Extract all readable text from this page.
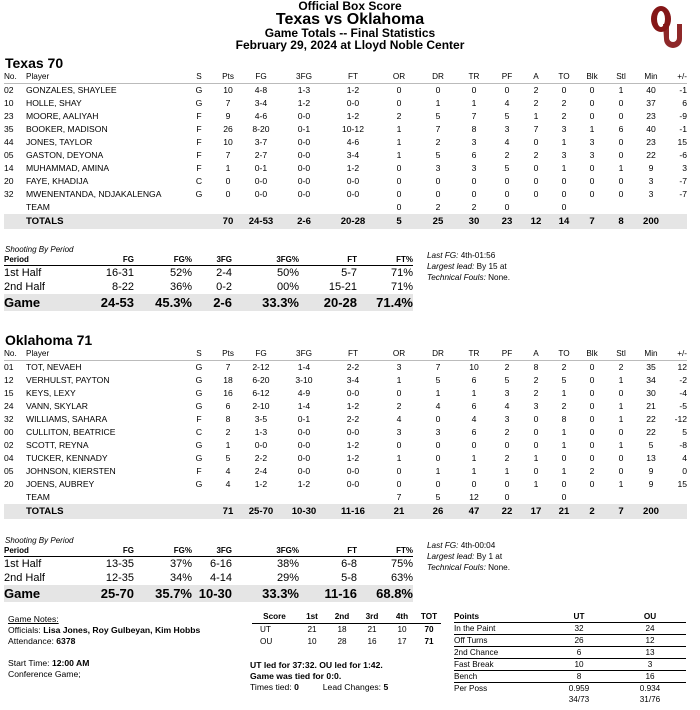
Official Box Score
Texas vs Oklahoma
Game Totals -- Final Statistics
February 29, 2024 at Lloyd Noble Center
Texas 70
No.	Player	S	Pts	FG	3FG	FT	OR	DR	TR	PF	A	TO	Blk	Stl	Min	+/-
02	GONZALES, SHAYLEE	G	10	4-8	1-3	1-2	0	0	0	0	2	0	0	1	40	-1
10	HOLLE, SHAY	G	7	3-4	1-2	0-0	0	1	1	4	2	2	0	0	37	6
23	MOORE, AALIYAH	F	9	4-6	0-0	1-2	2	5	7	5	1	2	0	0	23	-9
35	BOOKER, MADISON	F	26	8-20	0-1	10-12	1	7	8	3	7	3	1	6	40	-1
44	JONES, TAYLOR	F	10	3-7	0-0	4-6	1	2	3	4	0	1	3	0	23	15
05	GASTON, DEYONA	F	7	2-7	0-0	3-4	1	5	6	2	2	3	3	0	22	-6
14	MUHAMMAD, AMINA	F	1	0-1	0-0	1-2	0	3	3	5	0	1	0	1	9	3
20	FAYE, KHADIJA	C	0	0-0	0-0	0-0	0	0	0	0	0	0	0	0	3	-7
32	MWENENTANDA, NDJAKALENGA	G	0	0-0	0-0	0-0	0	0	0	0	0	0	0	0	3	-7
	TEAM						0	2	2	0		0				
	TOTALS		70	24-53	2-6	20-28	5	25	30	23	12	14	7	8	200	
Shooting By Period
Period	FG	FG%	3FG	3FG%	FT	FT%
1st Half	16-31	52%	2-4	50%	5-7	71%
2nd Half	8-22	36%	0-2	00%	15-21	71%
Game	24-53	45.3%	2-6	33.3%	20-28	71.4%
Last FG: 4th-01:56
Largest lead: By 15 at
Technical Fouls: None.
Oklahoma 71
No.	Player	S	Pts	FG	3FG	FT	OR	DR	TR	PF	A	TO	Blk	Stl	Min	+/-
01	TOT, NEVAEH	G	7	2-12	1-4	2-2	3	7	10	2	8	2	0	2	35	12
12	VERHULST, PAYTON	G	18	6-20	3-10	3-4	1	5	6	5	2	5	0	1	34	-2
15	KEYS, LEXY	G	16	6-12	4-9	0-0	0	1	1	3	2	1	0	0	30	-4
24	VANN, SKYLAR	G	6	2-10	1-4	1-2	2	4	6	4	3	2	0	1	21	-5
32	WILLIAMS, SAHARA	F	8	3-5	0-1	2-2	4	0	4	3	0	8	0	1	22	-12
00	CULLITON, BEATRICE	C	2	1-3	0-0	0-0	3	3	6	2	0	1	0	0	22	5
02	SCOTT, REYNA	G	1	0-0	0-0	1-2	0	0	0	0	0	1	0	1	5	-8
04	TUCKER, KENNADY	G	5	2-2	0-0	1-2	1	0	1	2	1	0	0	0	13	4
05	JOHNSON, KIERSTEN	F	4	2-4	0-0	0-0	0	1	1	1	0	1	2	0	9	0
20	JOENS, AUBREY	G	4	1-2	1-2	0-0	0	0	0	0	1	0	0	1	9	15
	TEAM						7	5	12	0		0				
	TOTALS		71	25-70	10-30	11-16	21	26	47	22	17	21	2	7	200	
Shooting By Period
Period	FG	FG%	3FG	3FG%	FT	FT%
1st Half	13-35	37%	6-16	38%	6-8	75%
2nd Half	12-35	34%	4-14	29%	5-8	63%
Game	25-70	35.7%	10-30	33.3%	11-16	68.8%
Last FG: 4th-00:04
Largest lead: By 1 at
Technical Fouls: None.
Game Notes:
Officials: Lisa Jones, Roy Gulbeyan, Kim Hobbs
Attendance: 6378
Start Time: 12:00 AM
Conference Game;
Score	1st	2nd	3rd	4th	TOT
UT	21	18	21	10	70
OU	10	28	16	17	71
UT led for 37:32. OU led for 1:42.
Game was tied for 0:0.
Times tied: 0	Lead Changes: 5
Points	UT	OU
In the Paint	32	24
Off Turns	26	12
2nd Chance	6	13
Fast Break	10	3
Bench	8	16
Per Poss	0.959	0.934
	34/73	31/76
